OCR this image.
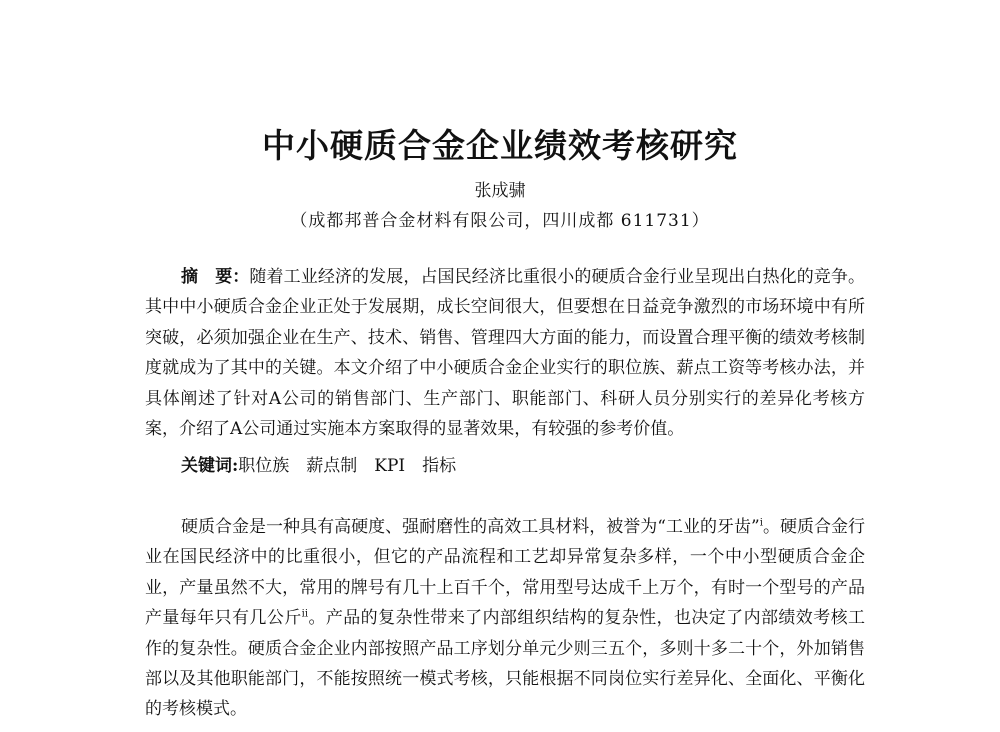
中小硬质合金企业绩效考核研究
张成骕
（成都邦普合金材料有限公司，四川成都 611731）

摘　要：随着工业经济的发展，占国民经济比重很小的硬质合金行业呈现出白热化的竞争。其中中小硬质合金企业正处于发展期，成长空间很大，但要想在日益竞争激烈的市场环境中有所突破，必须加强企业在生产、技术、销售、管理四大方面的能力，而设置合理平衡的绩效考核制度就成为了其中的关键。本文介绍了中小硬质合金企业实行的职位族、薪点工资等考核办法，并具体阐述了针对A公司的销售部门、生产部门、职能部门、科研人员分别实行的差异化考核方案，介绍了A公司通过实施本方案取得的显著效果，有较强的参考价值。

关键词:职位族　薪点制　KPI　指标

硬质合金是一种具有高硬度、强耐磨性的高效工具材料，被誉为“工业的牙齿”$^i$。硬质合金行业在国民经济中的比重很小，但它的产品流程和工艺却异常复杂多样，一个中小型硬质合金企业，产量虽然不大，常用的牌号有几十上百千个，常用型号达成千上万个，有时一个型号的产品产量每年只有几公斤$^{ii}$。产品的复杂性带来了内部组织结构的复杂性，也决定了内部绩效考核工作的复杂性。硬质合金企业内部按照产品工序划分单元少则三五个，多则十多二十个，外加销售部以及其他职能部门，不能按照统一模式考核，只能根据不同岗位实行差异化、全面化、平衡化的考核模式。
